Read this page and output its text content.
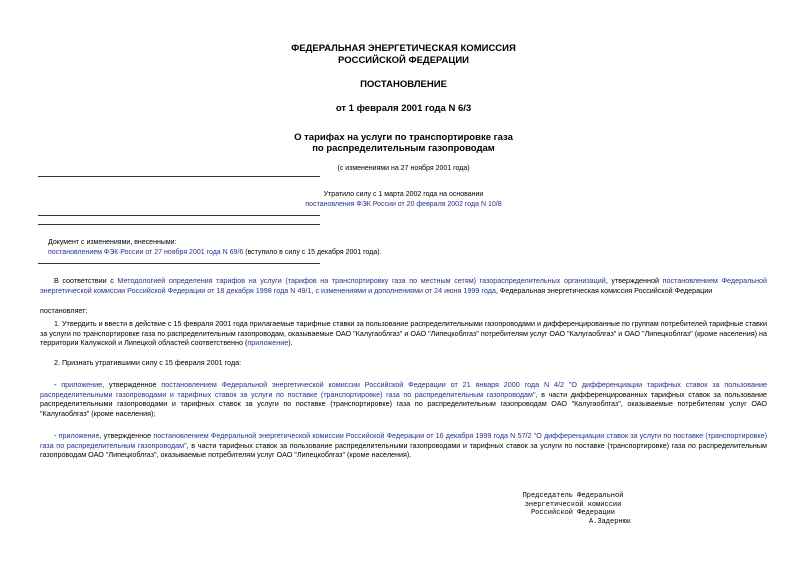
ФЕДЕРАЛЬНАЯ ЭНЕРГЕТИЧЕСКАЯ КОМИССИЯ
РОССИЙСКОЙ ФЕДЕРАЦИИ
ПОСТАНОВЛЕНИЕ
от 1 февраля 2001 года N 6/3
О тарифах на услуги по транспортировке газа
по распределительным газопроводам
(с изменениями на 27 ноября 2001 года)
Утратило силу с 1 марта 2002 года на основании
постановления ФЭК России от 20 февраля 2002 года N 10/8
Документ с изменениями, внесенными:
постановлением ФЭК России от 27 ноября 2001 года N 69/6 (вступило в силу с 15 декабря 2001 года).
В соответствии с Методологией определения тарифов на услуги (тарифов на транспортировку газа по местным сетям) газораспределительных организаций, утвержденной постановлением Федеральной энергетической комиссии Российской Федерации от 18 декабря 1998 года N 49/1, с изменениями и дополнениями от 24 июня 1999 года, Федеральная энергетическая комиссия Российской Федерации
постановляет:
1. Утвердить и ввести в действие с 15 февраля 2001 года прилагаемые тарифные ставки за пользование распределительными газопроводами и дифференцированные по группам потребителей тарифные ставки за услуги по транспортировке газа по распределительным газопроводам, оказываемые ОАО "Калугаоблгаз" и ОАО "Липецкоблгаз" потребителям услуг ОАО "Калугаоблгаз" и ОАО "Липецкоблгаз" (кроме населения) на территории Калужской и Липецкой областей соответственно (приложение).
2. Признать утратившими силу с 15 февраля 2001 года:
- приложение, утвержденное постановлением Федеральной энергетической комиссии Российской Федерации от 21 января 2000 года N 4/2 "О дифференциации тарифных ставок за пользование распределительными газопроводами и тарифных ставок за услуги по поставке (транспортировке) газа по распределительным газопроводам", в части дифференцированных тарифных ставок за пользование распределительными газопроводами и тарифных ставок за услуги по поставке (транспортировке) газа по распределительным газопроводам ОАО "Калугаоблгаз", оказываемые потребителям услуг ОАО "Калугаоблгаз" (кроме населения);
- приложение, утвержденное постановлением Федеральной энергетической комиссии Российской Федерации от 16 декабря 1999 года N 57/2 "О дифференциации ставок за услуги по поставке (транспортировке) газа по распределительным газопроводам", в части тарифных ставок за пользование распределительными газопроводами и тарифных ставок за услуги по поставке (транспортировке) газа по распределительным газопроводам ОАО "Липецкоблгаз", оказываемые потребителям услуг ОАО "Липецкоблгаз" (кроме населения).
Председатель Федеральной
энергетической комиссии
Российской Федерации
А.Задернюк
